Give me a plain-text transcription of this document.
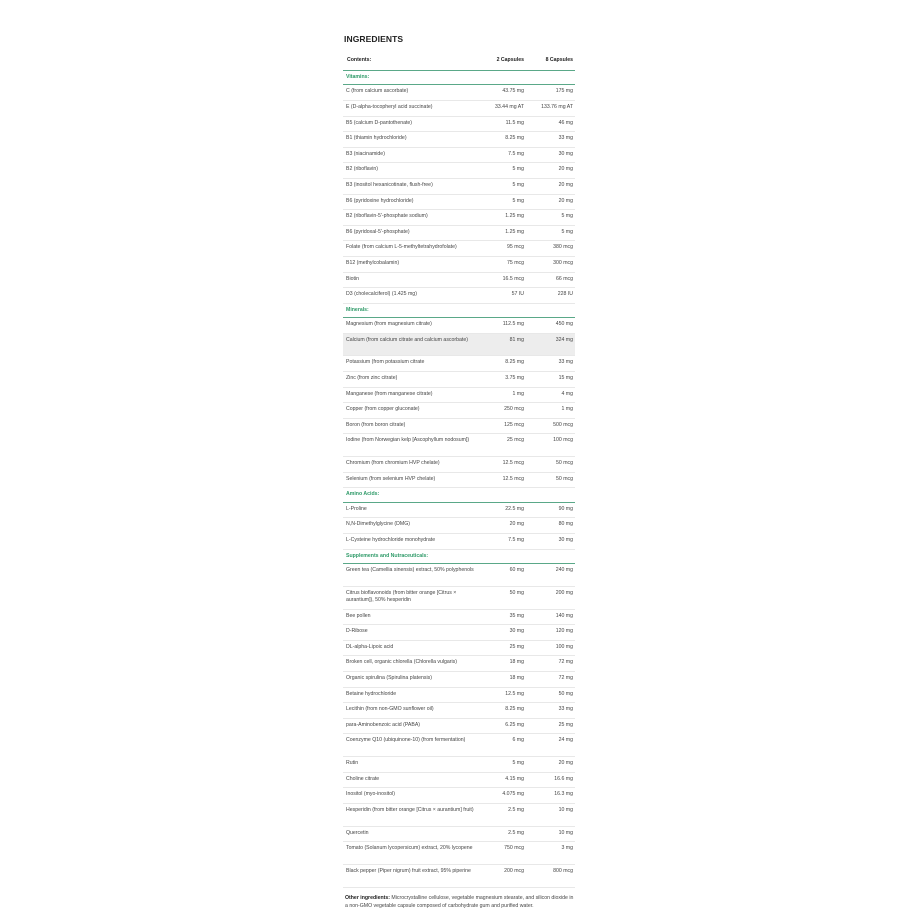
INGREDIENTS
Contents:	2 Capsules	8 Capsules
Vitamins:		
C (from calcium ascorbate)	43.75 mg	175 mg
E (D-alpha-tocopheryl acid succinate)	33.44 mg AT	133.76 mg AT
B5 (calcium D-pantothenate)	11.5 mg	46 mg
B1 (thiamin hydrochloride)	8.25 mg	33 mg
B3 (niacinamide)	7.5 mg	30 mg
B2 (riboflavin)	5 mg	20 mg
B3 (inositol hexanicotinate, flush-free)	5 mg	20 mg
B6 (pyridoxine hydrochloride)	5 mg	20 mg
B2 (riboflavin-5'-phosphate sodium)	1.25 mg	5 mg
B6 (pyridoxal-5'-phosphate)	1.25 mg	5 mg
Folate (from calcium L-5-methyltetrahydrofolate)	95 mcg	380 mcg
B12 (methylcobalamin)	75 mcg	300 mcg
Biotin	16.5 mcg	66 mcg
D3 (cholecalciferol) (1.425 mg)	57 IU	228 IU
Minerals:		
Magnesium (from magnesium citrate)	112.5 mg	450 mg
Calcium (from calcium citrate and calcium ascorbate)	81 mg	324 mg
Potassium (from potassium citrate	8.25 mg	33 mg
Zinc (from zinc citrate)	3.75 mg	15 mg
Manganese (from manganese citrate)	1 mg	4 mg
Copper (from copper gluconate)	250 mcg	1 mg
Boron (from boron citrate)	125 mcg	500 mcg
Iodine (from Norwegian kelp [Ascophyllum nodosum])	25 mcg	100 mcg
Chromium (from chromium HVP chelate)	12.5 mcg	50 mcg
Selenium (from selenium HVP chelate)	12.5 mcg	50 mcg
Amino Acids:		
L-Proline	22.5 mg	90 mg
N,N-Dimethylglycine (DMG)	20 mg	80 mg
L-Cysteine hydrochloride monohydrate	7.5 mg	30 mg
Supplements and Nutraceuticals:		
Green tea (Camellia sinensis) extract, 50% polyphenols	60 mg	240 mg
Citrus bioflavonoids (from bitter orange [Citrus × aurantium]), 50% hesperidin	50 mg	200 mg
Bee pollen	35 mg	140 mg
D-Ribose	30 mg	120 mg
DL-alpha-Lipoic acid	25 mg	100 mg
Broken cell, organic chlorella (Chlorella vulgaris)	18 mg	72 mg
Organic spirulina (Spirulina platensis)	18 mg	72 mg
Betaine hydrochloride	12.5 mg	50 mg
Lecithin (from non-GMO sunflower oil)	8.25 mg	33 mg
para-Aminobenzoic acid (PABA)	6.25 mg	25 mg
Coenzyme Q10 (ubiquinone-10) (from fermentation)	6 mg	24 mg
Rutin	5 mg	20 mg
Choline citrate	4.15 mg	16.6 mg
Inositol (myo-inositol)	4.075 mg	16.3 mg
Hesperidin (from bitter orange [Citrus × aurantium] fruit)	2.5 mg	10 mg
Quercetin	2.5 mg	10 mg
Tomato (Solanum lycopersicum) extract, 20% lycopene	750 mcg	3 mg
Black pepper (Piper nigrum) fruit extract, 95% piperine	200 mcg	800 mcg
Other ingredients: Microcrystalline cellulose, vegetable magnesium stearate, and silicon dioxide in a non-GMO vegetable capsule composed of carbohydrate gum and purified water.
